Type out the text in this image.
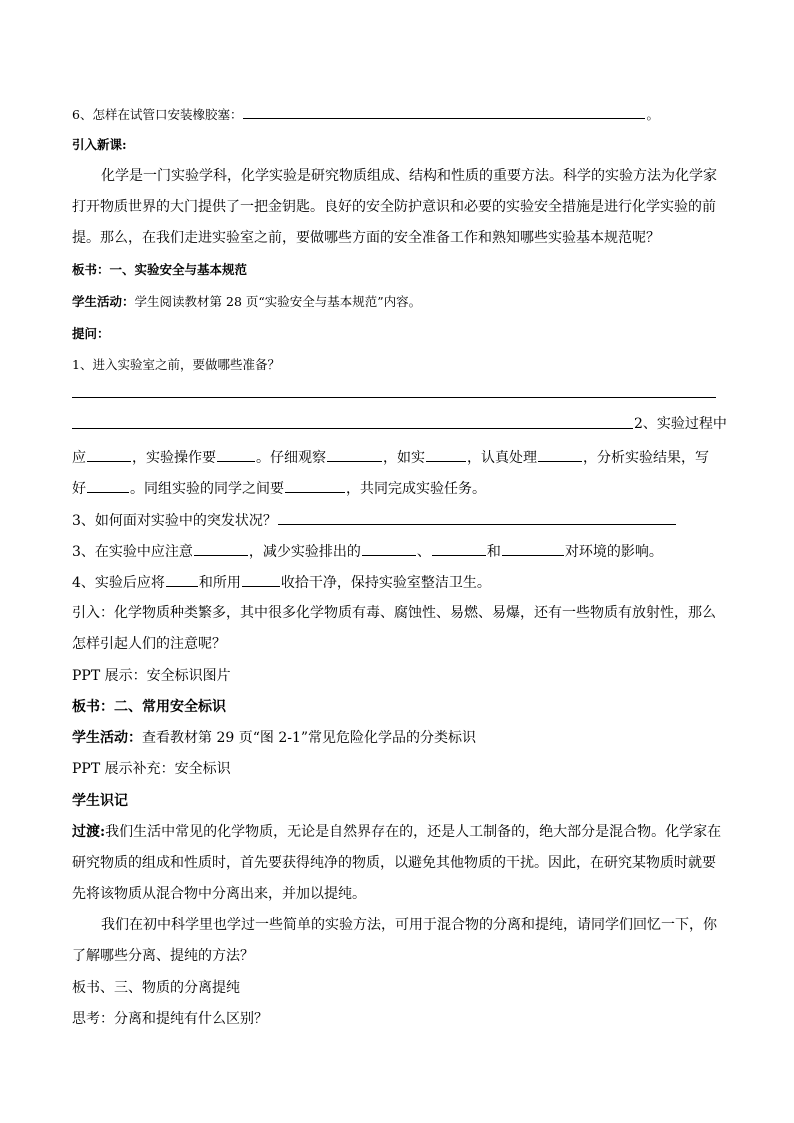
6、怎样在试管口安装橡胶塞：	。
引入新课:
化学是一门实验学科，化学实验是研究物质组成、结构和性质的重要方法。科学的实验方法为化学家
打开物质世界的大门提供了一把金钥匙。良好的安全防护意识和必要的实验安全措施是进行化学实验的前
提。那么，在我们走进实验室之前，要做哪些方面的安全准备工作和熟知哪些实验基本规范呢？
板书：一、实验安全与基本规范
学生活动：学生阅读教材第 28 页“实验安全与基本规范”内容。
提问：
1、进入实验室之前，要做哪些准备？
2、实验过程中
应	，实验操作要	。仔细观察	，如实	，认真处理	，分析实验结果，写
好	。同组实验的同学之间要	，共同完成实验任务。
3、如何面对实验中的突发状况？
3、在实验中应注意	，减少实验排出的	、	和	对环境的影响。
4、实验后应将 和所用	收拾干净，保持实验室整洁卫生。
引入：化学物质种类繁多，其中很多化学物质有毒、腐蚀性、易燃、易爆，还有一些物质有放射性，那么
怎样引起人们的注意呢？
PPT 展示：安全标识图片
板书：二、常用安全标识
学生活动：查看教材第 29 页“图 2-1”常见危险化学品的分类标识
PPT 展示补充：安全标识
学生识记
过渡:我们生活中常见的化学物质，无论是自然界存在的，还是人工制备的，绝大部分是混合物。化学家在
研究物质的组成和性质时，首先要获得纯净的物质，以避免其他物质的干扰。因此，在研究某物质时就要
先将该物质从混合物中分离出来，并加以提纯。
我们在初中科学里也学过一些简单的实验方法，可用于混合物的分离和提纯，请同学们回忆一下，你
了解哪些分离、提纯的方法？
板书、三、物质的分离提纯
思考：分离和提纯有什么区别？
